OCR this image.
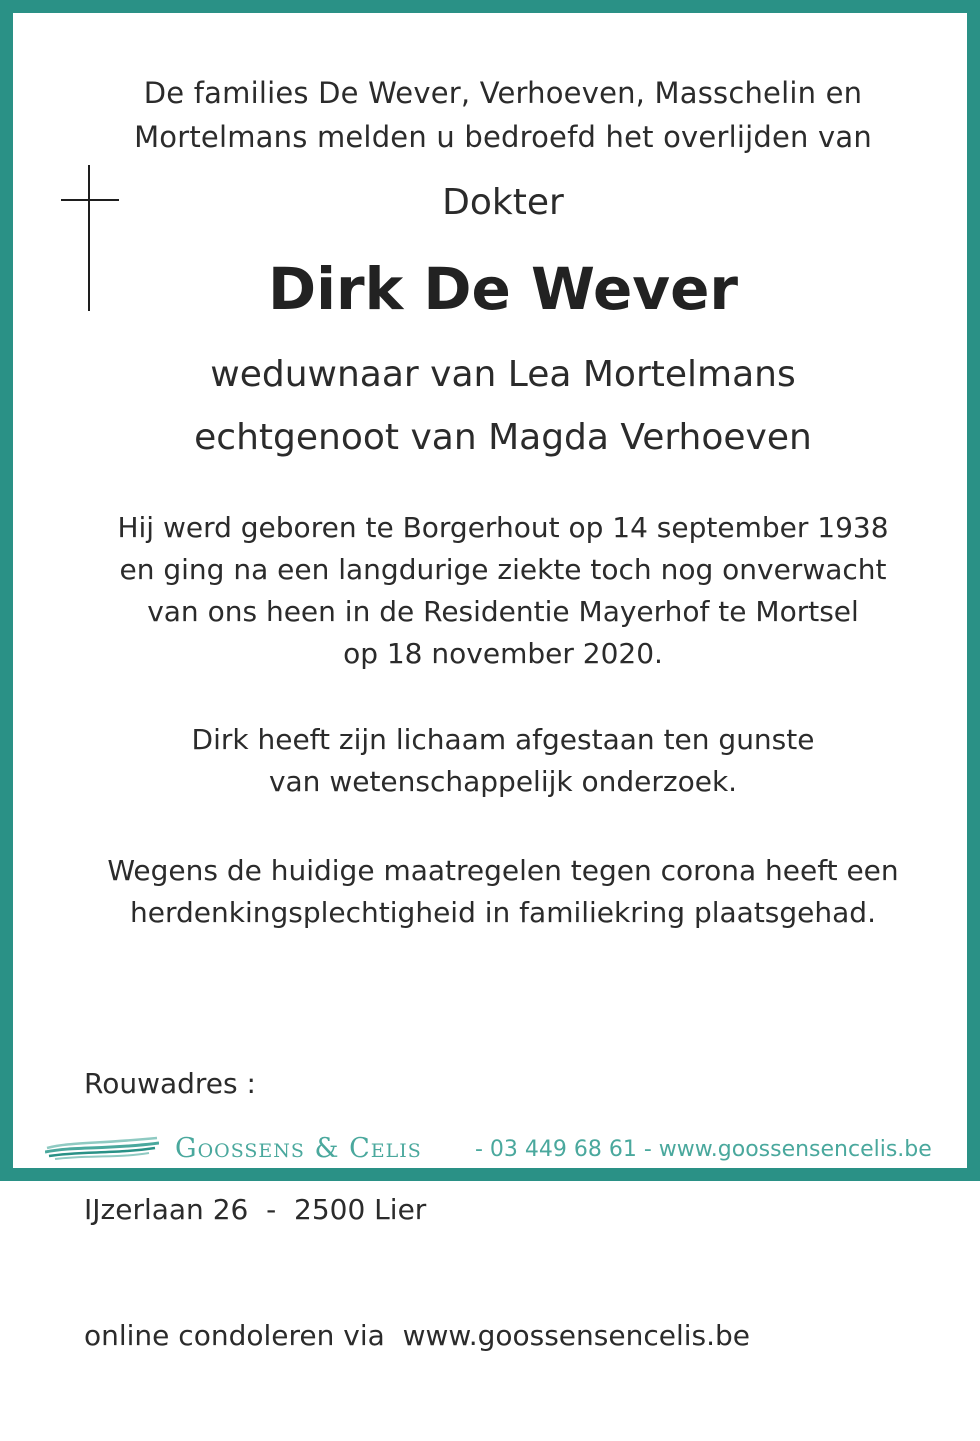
De families De Wever, Verhoeven, Masschelin en
Mortelmans melden u bedroefd het overlijden van
Dokter
Dirk De Wever
weduwnaar van Lea Mortelmans
echtgenoot van Magda Verhoeven
Hij werd geboren te Borgerhout op 14 september 1938
en ging na een langdurige ziekte toch nog onverwacht
van ons heen in de Residentie Mayerhof te Mortsel
op 18 november 2020.
Dirk heeft zijn lichaam afgestaan ten gunste
van wetenschappelijk onderzoek.
Wegens de huidige maatregelen tegen corona heeft een
herdenkingsplechtigheid in familiekring plaatsgehad.

Rouwadres :

IJzerlaan 26  -  2500 Lier

online condoleren via  www.goossensencelis.be

Goossens & Celis - 03 449 68 61 - www.goossensencelis.be
